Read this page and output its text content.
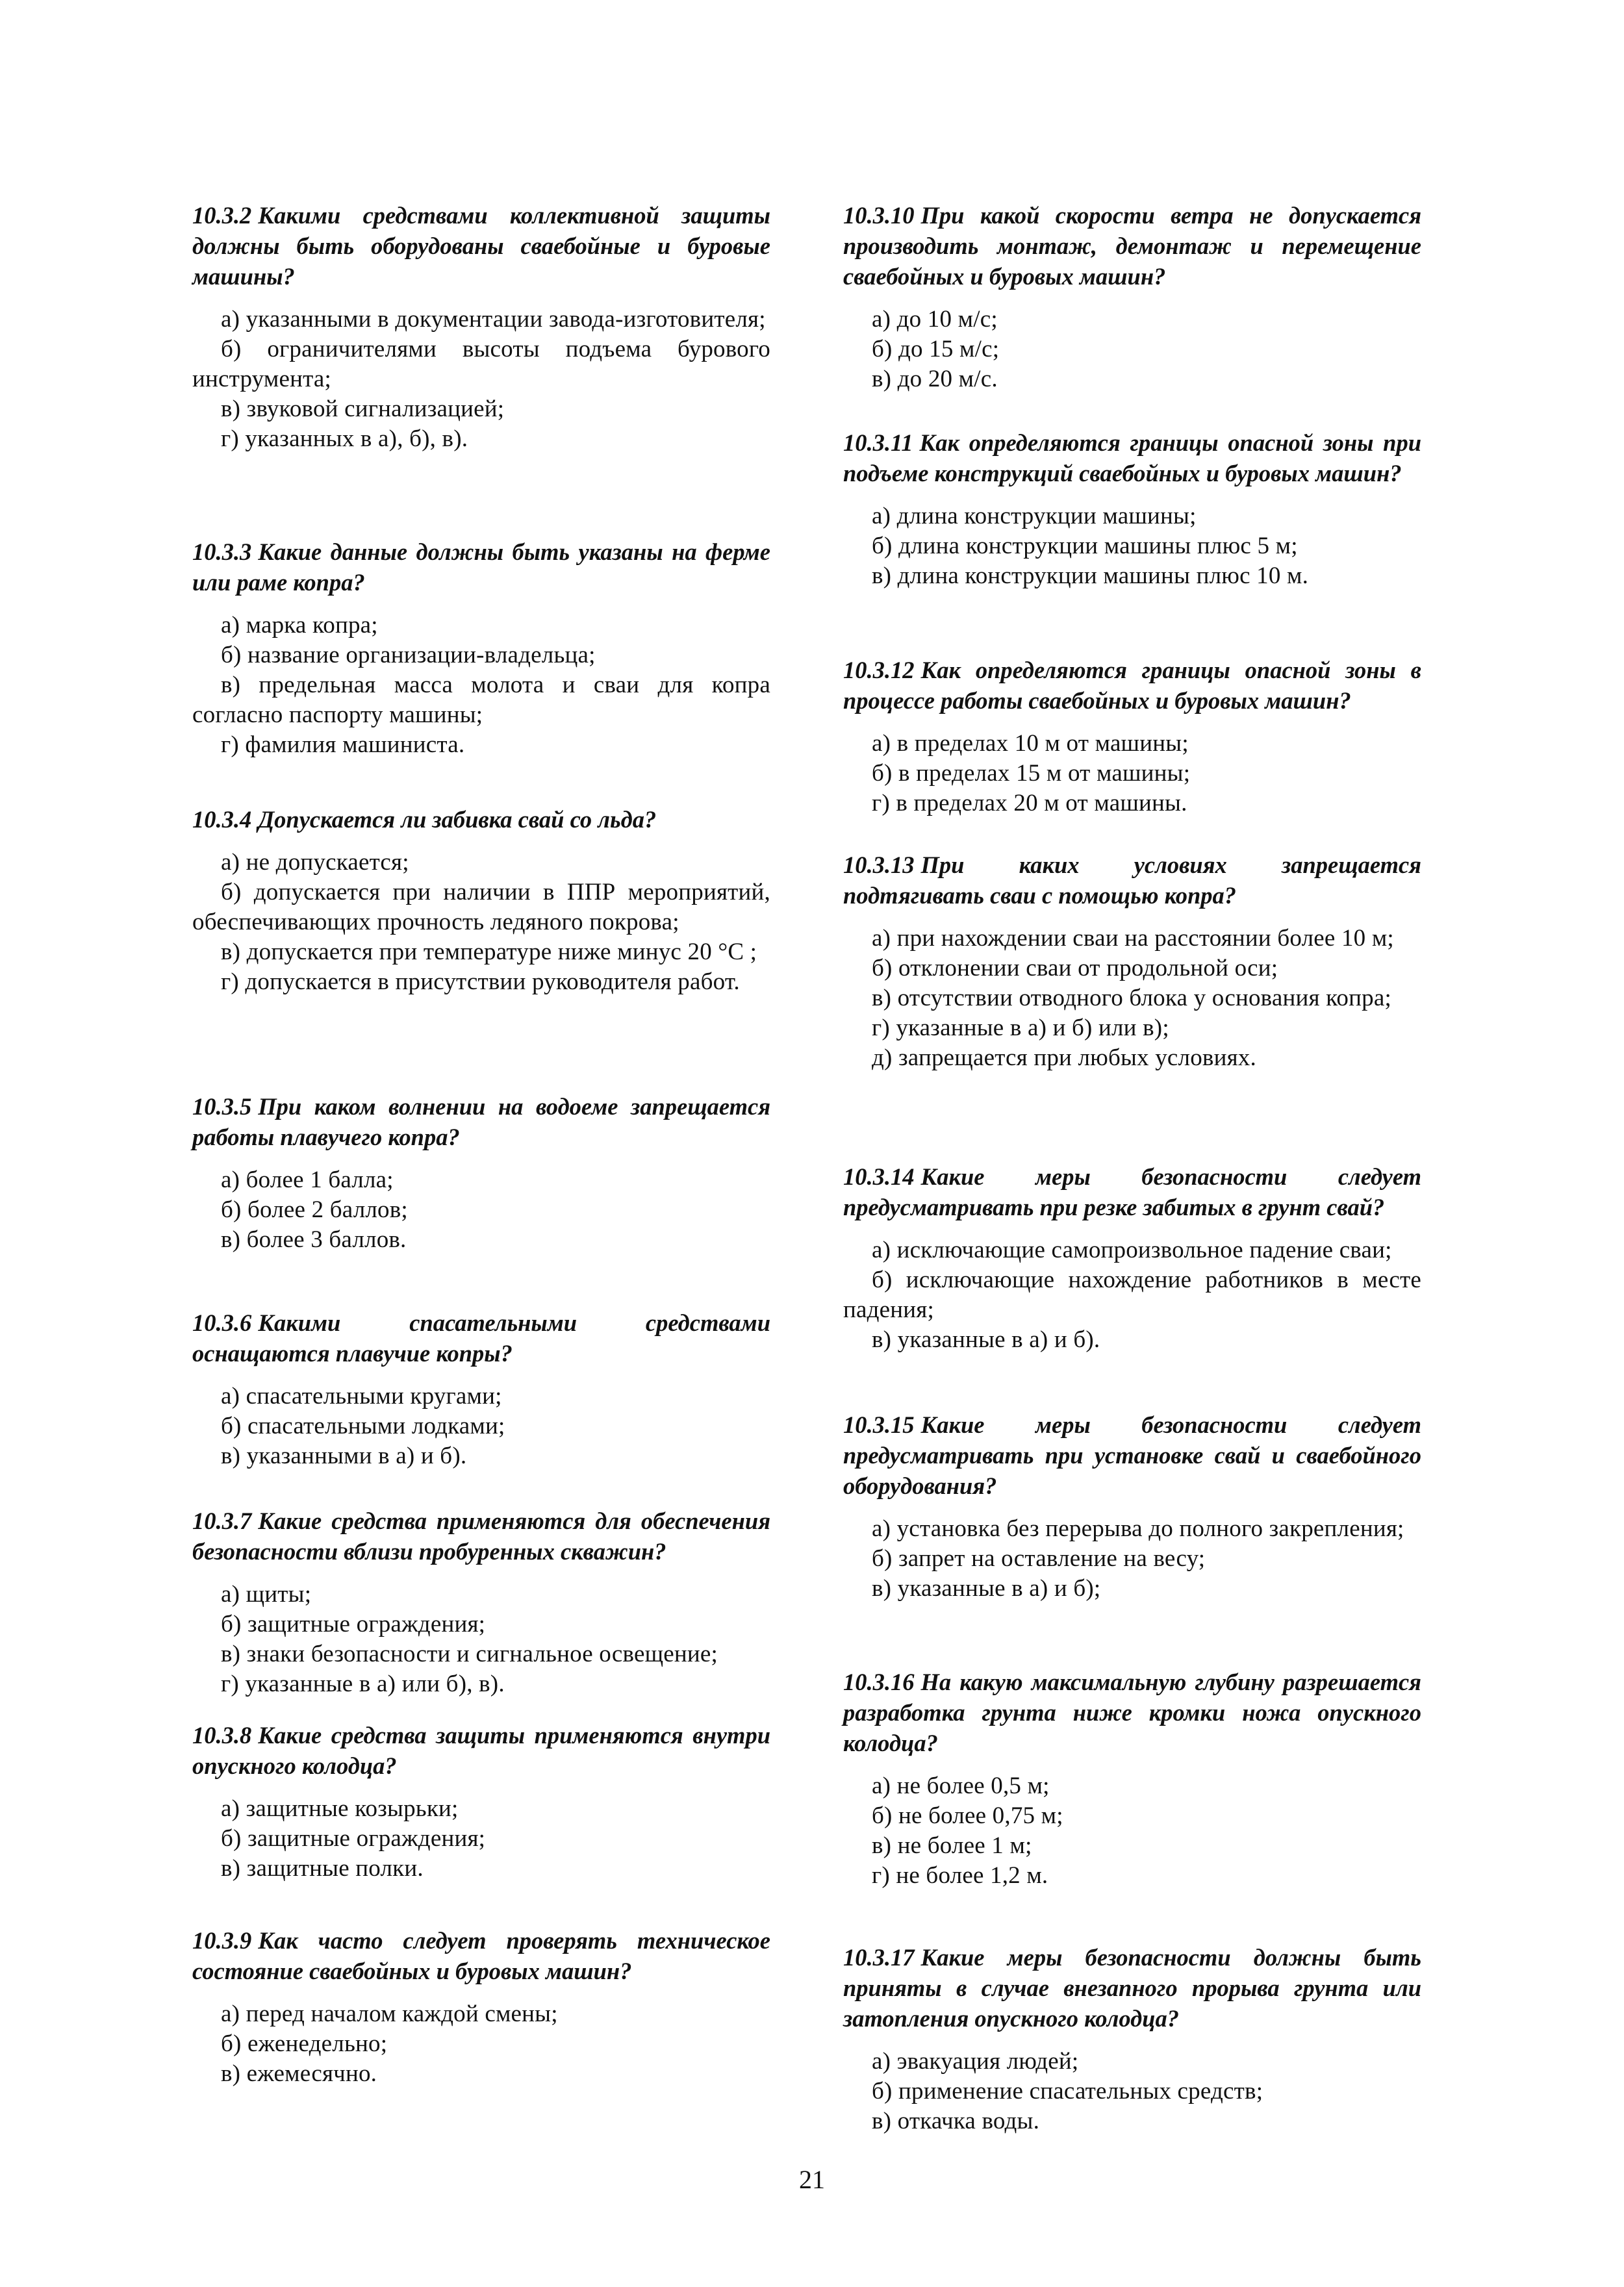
10.3.2 Какими средствами коллективной защиты должны быть оборудованы сваебойные и буровые машины?

а) указанными в документации завода-изготовителя;

б) ограничителями высоты подъема бурового инструмента;

в) звуковой сигнализацией;

г) указанных в а), б), в).

10.3.3 Какие данные должны быть указаны на ферме или раме копра?

а) марка копра;

б) название организации-владельца;

в) предельная масса молота и сваи для копра согласно паспорту машины;

г) фамилия машиниста.

10.3.4 Допускается ли забивка свай со льда?

а) не допускается;

б) допускается при наличии в ППР мероприятий, обеспечивающих прочность ледяного покрова;

в) допускается при температуре ниже минус 20 °С ;

г) допускается в присутствии руководителя работ.

10.3.5 При каком волнении на водоеме запрещается работы плавучего копра?

а) более 1 балла;

б) более 2 баллов;

в) более 3 баллов.

10.3.6 Какими спасательными средствами оснащаются плавучие копры?

а) спасательными кругами;

б) спасательными лодками;

в) указанными в а) и б).

10.3.7 Какие средства применяются для обеспечения безопасности вблизи пробуренных скважин?

а) щиты;

б) защитные ограждения;

в) знаки безопасности и сигнальное освещение;

г) указанные в а) или б), в).

10.3.8 Какие средства защиты применяются внутри опускного колодца?

а) защитные козырьки;

б) защитные ограждения;

в) защитные полки.

10.3.9 Как часто следует проверять техническое состояние сваебойных и буровых машин?

а) перед началом каждой смены;

б) еженедельно;

в) ежемесячно.

10.3.10 При какой скорости ветра не допускается производить монтаж, демонтаж и перемещение сваебойных и буровых машин?

а) до 10 м/с;

б) до 15 м/с;

в) до 20 м/с.

10.3.11 Как определяются границы опасной зоны при подъеме конструкций сваебойных и буровых машин?

а) длина конструкции машины;

б) длина конструкции машины плюс 5 м;

в) длина конструкции машины плюс 10 м.

10.3.12 Как определяются границы опасной зоны в процессе работы сваебойных и буровых машин?

а) в пределах 10 м от машины;

б) в пределах 15 м от машины;

г) в пределах 20 м от машины.

10.3.13 При каких условиях запрещается подтягивать сваи с помощью копра?

а) при нахождении сваи на расстоянии более 10 м;

б) отклонении сваи от продольной оси;

в) отсутствии отводного блока у основания копра;

г) указанные в а) и б) или в);

д) запрещается при любых условиях.

10.3.14 Какие меры безопасности следует предусматривать при резке забитых в грунт свай?

а) исключающие самопроизвольное падение сваи;

б) исключающие нахождение работников в месте падения;

в) указанные в а) и б).

10.3.15 Какие меры безопасности следует предусматривать при установке свай и сваебойного оборудования?

а) установка без перерыва до полного закрепления;

б) запрет на оставление на весу;

в) указанные в а) и б);

10.3.16 На какую максимальную глубину разрешается разработка грунта ниже кромки ножа опускного колодца?

а) не более 0,5 м;

б) не более 0,75 м;

в) не более 1 м;

г) не более 1,2 м.

10.3.17 Какие меры безопасности должны быть приняты в случае внезапного прорыва грунта или затопления опускного колодца?

а) эвакуация людей;

б) применение спасательных средств;

в) откачка воды.

21
